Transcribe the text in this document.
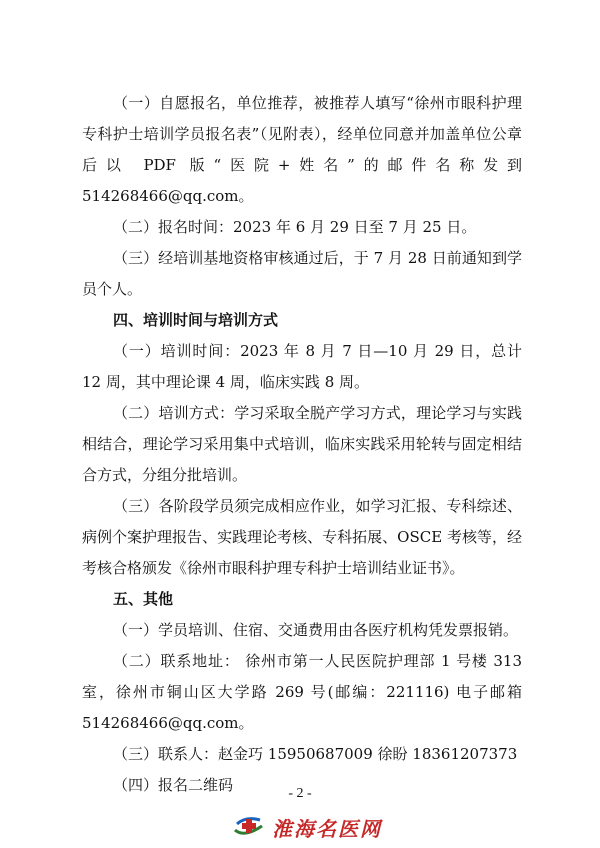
（一）自愿报名，单位推荐，被推荐人填写“徐州市眼科护理专科护士培训学员报名表”（见附表），经单位同意并加盖单位公章后以 PDF 版“医院+姓名”的邮件名称发到 514268466@qq.com。

（二）报名时间：2023 年 6 月 29 日至 7 月 25 日。

（三）经培训基地资格审核通过后，于 7 月 28 日前通知到学员个人。

四、培训时间与培训方式

（一）培训时间：2023 年 8 月 7 日—10 月 29 日，总计 12 周，其中理论课 4 周，临床实践 8 周。

（二）培训方式：学习采取全脱产学习方式，理论学习与实践相结合，理论学习采用集中式培训，临床实践采用轮转与固定相结合方式，分组分批培训。

（三）各阶段学员须完成相应作业，如学习汇报、专科综述、病例个案护理报告、实践理论考核、专科拓展、OSCE 考核等，经考核合格颁发《徐州市眼科护理专科护士培训结业证书》。

五、其他

（一）学员培训、住宿、交通费用由各医疗机构凭发票报销。

（二）联系地址： 徐州市第一人民医院护理部 1 号楼 313 室，徐州市铜山区大学路 269 号(邮编：221116) 电子邮箱 514268466@qq.com。

（三）联系人：赵金巧 15950687009 徐盼 18361207373

（四）报名二维码	- 2 -
淮海名医网
